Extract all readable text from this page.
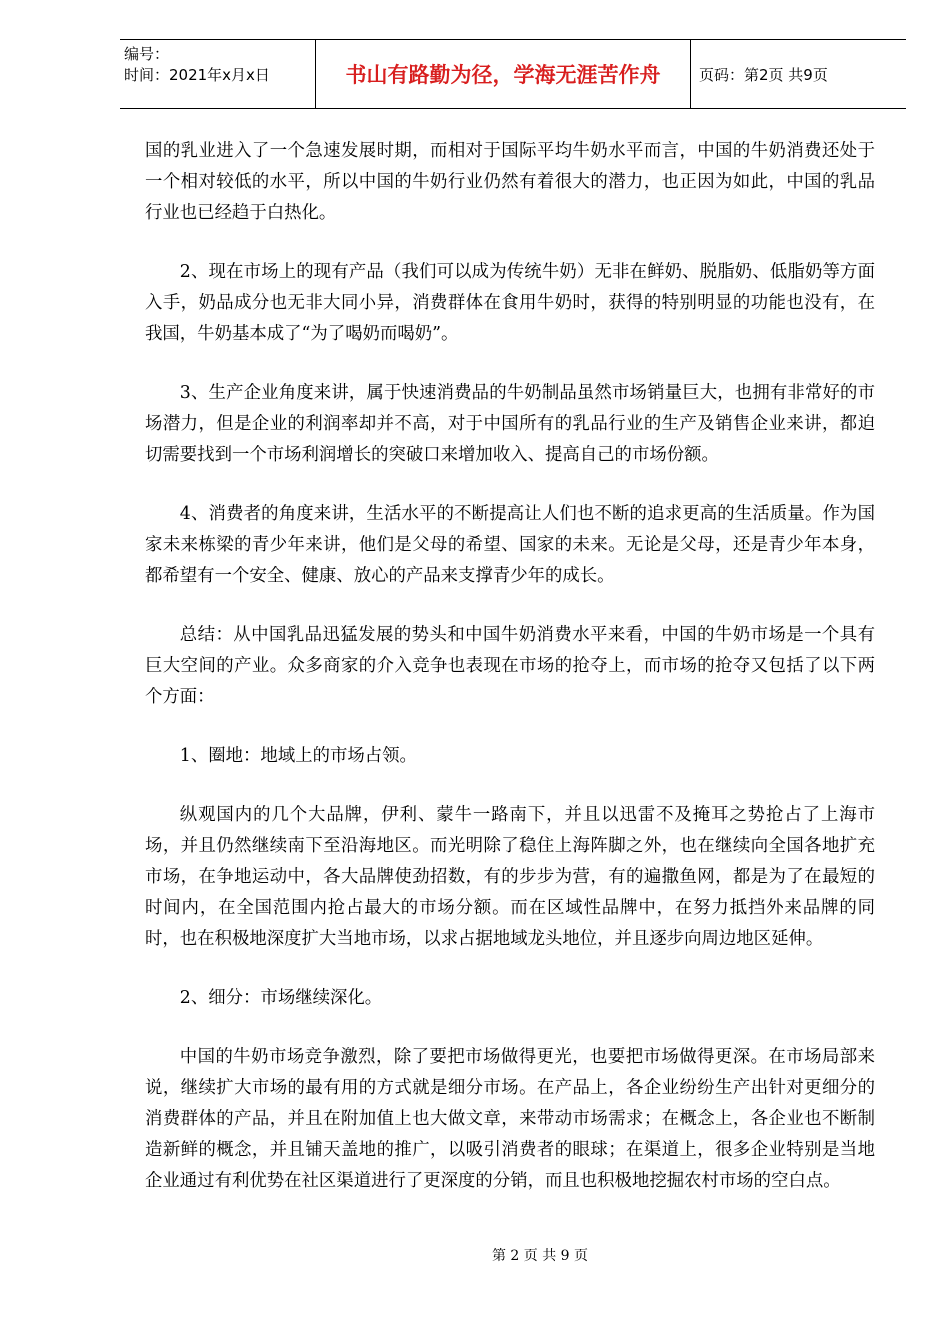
编号：
时间：2021年x月x日	书山有路勤为径，学海无涯苦作舟	页码：第2页 共9页

国的乳业进入了一个急速发展时期，而相对于国际平均牛奶水平而言，中国的牛奶消费还处于一个相对较低的水平，所以中国的牛奶行业仍然有着很大的潜力，也正因为如此，中国的乳品行业也已经趋于白热化。

2、现在市场上的现有产品（我们可以成为传统牛奶）无非在鲜奶、脱脂奶、低脂奶等方面入手，奶品成分也无非大同小异，消费群体在食用牛奶时，获得的特别明显的功能也没有，在我国，牛奶基本成了“为了喝奶而喝奶”。

3、生产企业角度来讲，属于快速消费品的牛奶制品虽然市场销量巨大，也拥有非常好的市场潜力，但是企业的利润率却并不高，对于中国所有的乳品行业的生产及销售企业来讲，都迫切需要找到一个市场利润增长的突破口来增加收入、提高自己的市场份额。

4、消费者的角度来讲，生活水平的不断提高让人们也不断的追求更高的生活质量。作为国家未来栋梁的青少年来讲，他们是父母的希望、国家的未来。无论是父母，还是青少年本身，都希望有一个安全、健康、放心的产品来支撑青少年的成长。

总结：从中国乳品迅猛发展的势头和中国牛奶消费水平来看，中国的牛奶市场是一个具有巨大空间的产业。众多商家的介入竞争也表现在市场的抢夺上，而市场的抢夺又包括了以下两个方面：

1、圈地：地域上的市场占领。

纵观国内的几个大品牌，伊利、蒙牛一路南下，并且以迅雷不及掩耳之势抢占了上海市场，并且仍然继续南下至沿海地区。而光明除了稳住上海阵脚之外，也在继续向全国各地扩充市场，在争地运动中，各大品牌使劲招数，有的步步为营，有的遍撒鱼网，都是为了在最短的时间内，在全国范围内抢占最大的市场分额。而在区域性品牌中，在努力抵挡外来品牌的同时，也在积极地深度扩大当地市场，以求占据地域龙头地位，并且逐步向周边地区延伸。

2、细分：市场继续深化。

中国的牛奶市场竞争激烈，除了要把市场做得更光，也要把市场做得更深。在市场局部来说，继续扩大市场的最有用的方式就是细分市场。在产品上，各企业纷纷生产出针对更细分的消费群体的产品，并且在附加值上也大做文章，来带动市场需求；在概念上，各企业也不断制造新鲜的概念，并且铺天盖地的推广，以吸引消费者的眼球；在渠道上，很多企业特别是当地企业通过有利优势在社区渠道进行了更深度的分销，而且也积极地挖掘农村市场的空白点。

第 2 页 共 9 页
